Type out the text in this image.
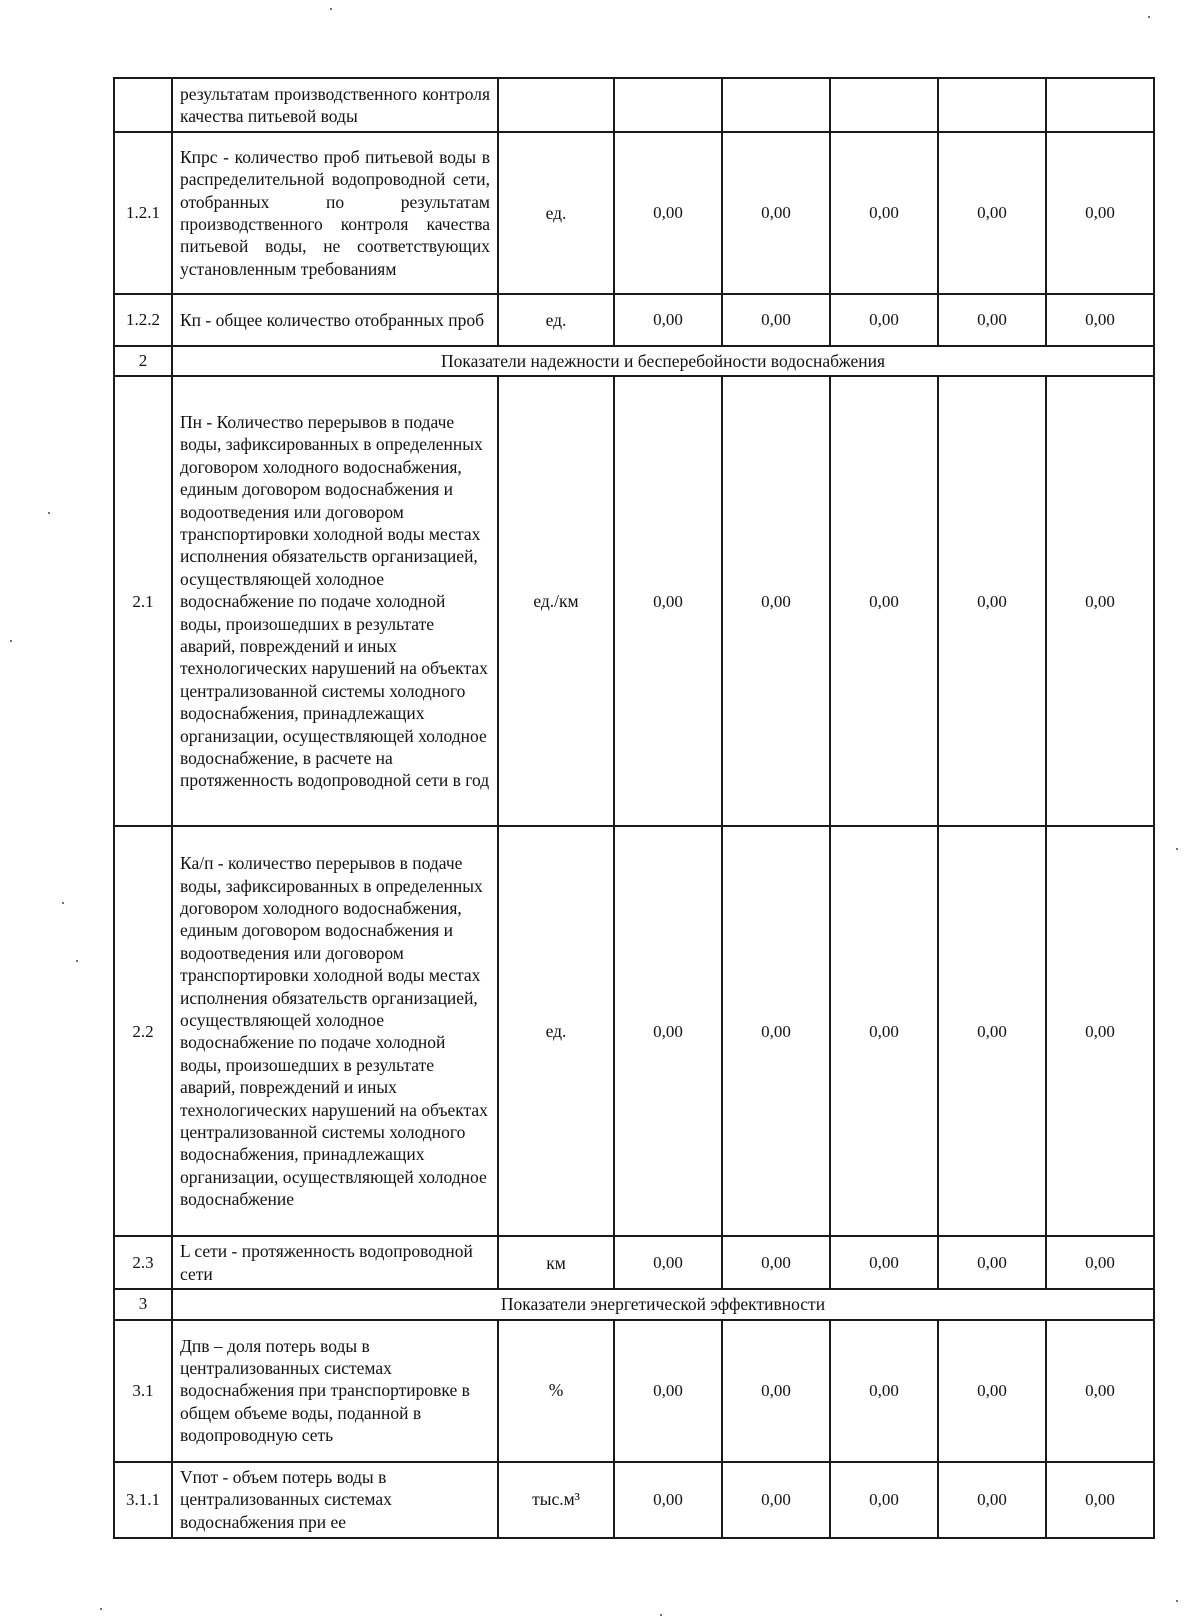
	результатам производственного контроля качества питьевой воды						
1.2.1	Кпрс - количество проб питьевой воды в распределительной водопроводной сети, отобранных по результатам производственного контроля качества питьевой воды, не соответствующих установленным требованиям	ед.	0,00	0,00	0,00	0,00	0,00
1.2.2	Кп - общее количество отобранных проб	ед.	0,00	0,00	0,00	0,00	0,00
2	Показатели надежности и бесперебойности водоснабжения						
2.1	Пн - Количество перерывов в подаче воды, зафиксированных в определенных договором холодного водоснабжения, единым договором водоснабжения и водоотведения или договором транспортировки холодной воды местах исполнения обязательств организацией, осуществляющей холодное водоснабжение по подаче холодной воды, произошедших в результате аварий, повреждений и иных технологических нарушений на объектах централизованной системы холодного водоснабжения, принадлежащих организации, осуществляющей холодное водоснабжение, в расчете на протяженность водопроводной сети в год	ед./км	0,00	0,00	0,00	0,00	0,00
2.2	Ка/п - количество перерывов в подаче воды, зафиксированных в определенных договором холодного водоснабжения, единым договором водоснабжения и водоотведения или договором транспортировки холодной воды местах исполнения обязательств организацией, осуществляющей холодное водоснабжение по подаче холодной воды, произошедших в результате аварий, повреждений и иных технологических нарушений на объектах централизованной системы холодного водоснабжения, принадлежащих организации, осуществляющей холодное водоснабжение	ед.	0,00	0,00	0,00	0,00	0,00
2.3	L сети - протяженность водопроводной сети	км	0,00	0,00	0,00	0,00	0,00
3	Показатели энергетической эффективности						
3.1	Дпв – доля потерь воды в централизованных системах водоснабжения при транспортировке в общем объеме воды, поданной в водопроводную сеть	%	0,00	0,00	0,00	0,00	0,00
3.1.1	Vпот - объем потерь воды в централизованных системах водоснабжения при ее	тыс.м³	0,00	0,00	0,00	0,00	0,00
